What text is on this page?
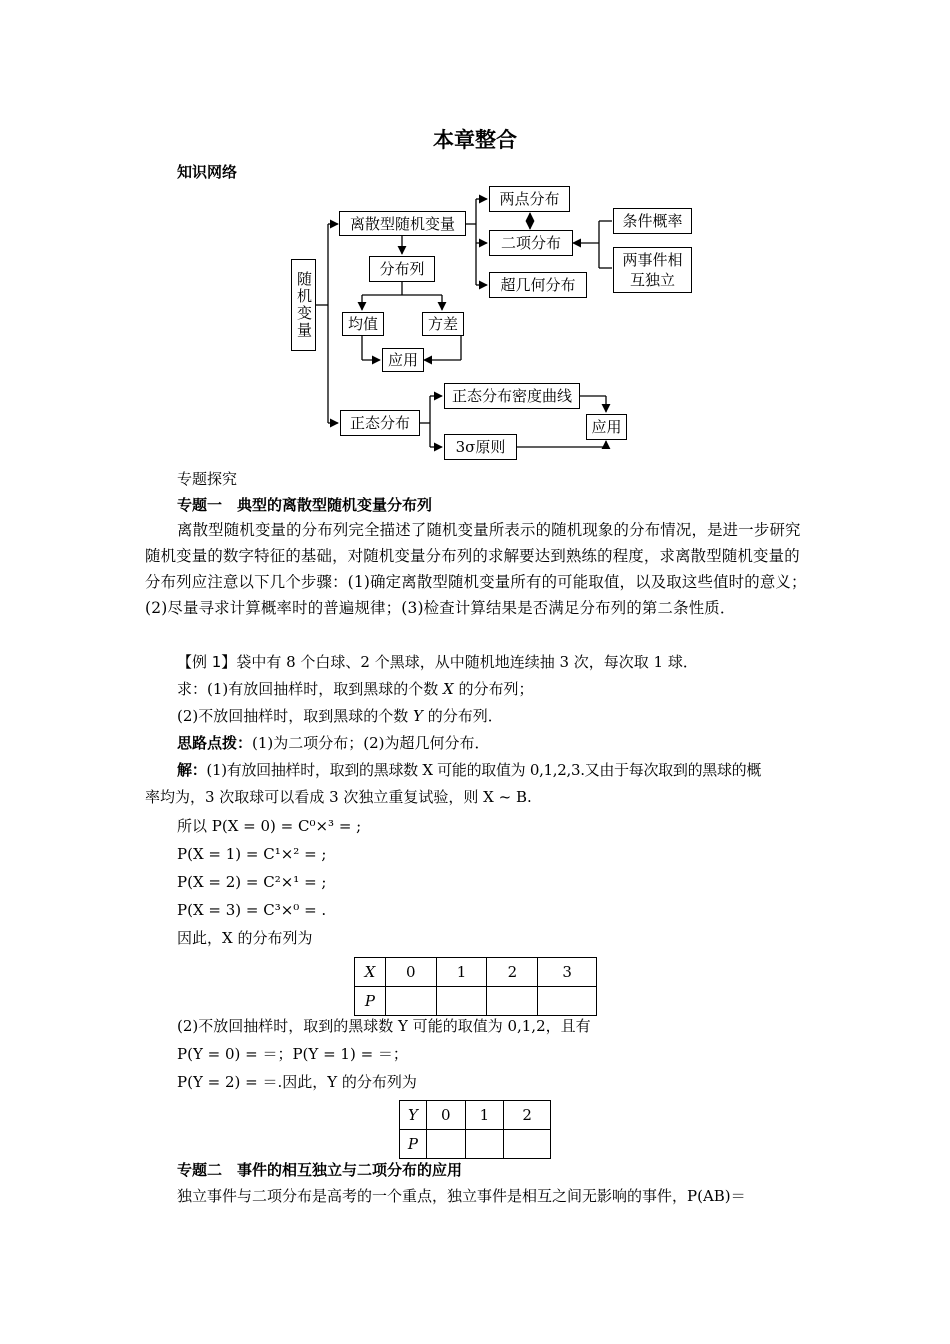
本章整合
知识网络
随机变量
离散型随机变量
两点分布
二项分布
超几何分布
条件概率
两事件相互独立
分布列
均值	方差
应用
正态分布
正态分布密度曲线
3σ原则
应用
专题探究
专题一　典型的离散型随机变量分布列
离散型随机变量的分布列完全描述了随机变量所表示的随机现象的分布情况，是进一步研究随机变量的数字特征的基础，对随机变量分布列的求解要达到熟练的程度，求离散型随机变量的分布列应注意以下几个步骤：(1)确定离散型随机变量所有的可能取值，以及取这些值时的意义；(2)尽量寻求计算概率时的普遍规律；(3)检查计算结果是否满足分布列的第二条性质．
【例 1】袋中有 8 个白球、2 个黑球，从中随机地连续抽 3 次，每次取 1 球．
求：(1)有放回抽样时，取到黑球的个数 X 的分布列；
(2)不放回抽样时，取到黑球的个数 Y 的分布列．
思路点拨：(1)为二项分布；(2)为超几何分布．
解：(1)有放回抽样时，取到的黑球数 X 可能的取值为 0,1,2,3.又由于每次取到的黑球的概
率均为，3 次取球可以看成 3 次独立重复试验，则 X ~ B.
所以 P(X = 0) = C⁰×³ = ;
P(X = 1) = C¹×² = ;
P(X = 2) = C²×¹ = ;
P(X = 3) = C³×⁰ = .
因此，X 的分布列为
X	0	1	2	3
P				
(2)不放回抽样时，取到的黑球数 Y 可能的取值为 0,1,2，且有
P(Y = 0) = ＝；P(Y = 1) = ＝；
P(Y = 2) = ＝.因此，Y 的分布列为
Y	0	1	2
P			
专题二　事件的相互独立与二项分布的应用
独立事件与二项分布是高考的一个重点，独立事件是相互之间无影响的事件，P(AB)＝
